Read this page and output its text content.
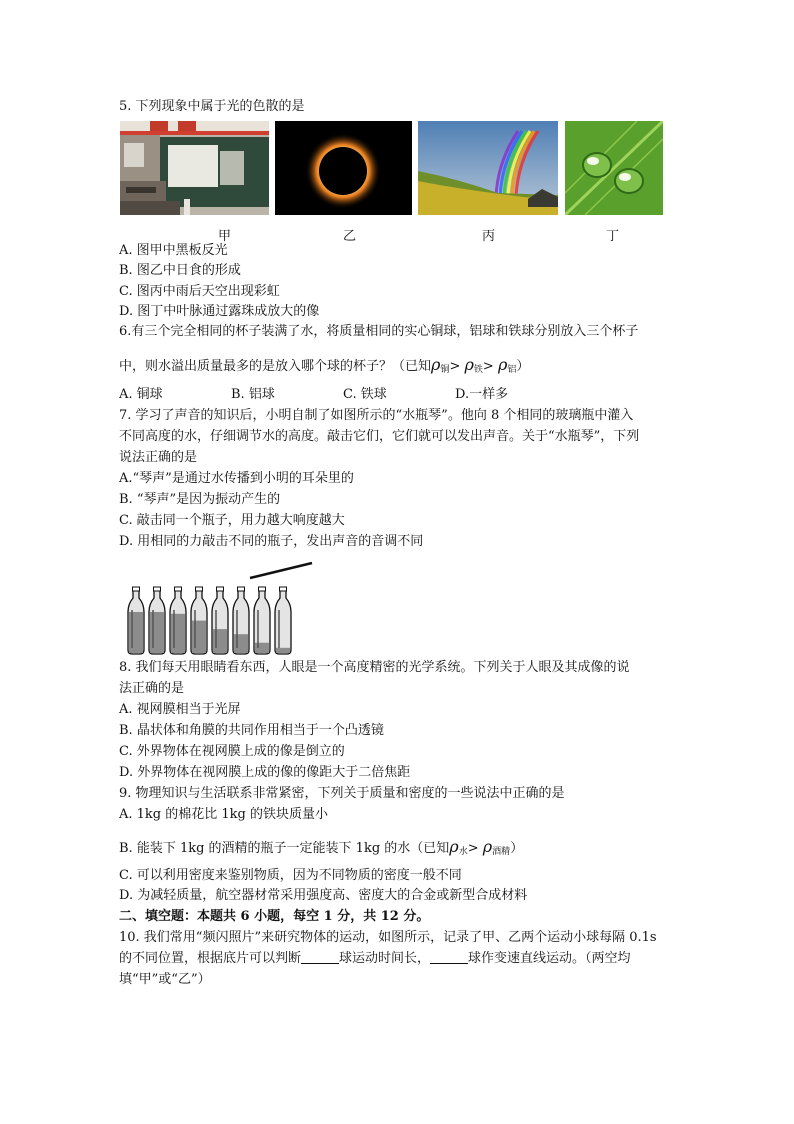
5. 下列现象中属于光的色散的是
甲	乙	丙	丁
A. 图甲中黑板反光
B. 图乙中日食的形成
C. 图丙中雨后天空出现彩虹
D. 图丁中叶脉通过露珠成放大的像
6.有三个完全相同的杯子装满了水，将质量相同的实心铜球，铝球和铁球分别放入三个杯子
中，则水溢出质量最多的是放入哪个球的杯子？（已知$\rho_铜> \rho_铁> \rho_铝$）
A. 铜球	B. 铝球	C. 铁球	D.一样多
7. 学习了声音的知识后，小明自制了如图所示的“水瓶琴”。他向 8 个相同的玻璃瓶中灌入
不同高度的水，仔细调节水的高度。敲击它们，它们就可以发出声音。关于“水瓶琴”，下列
说法正确的是
A.“琴声”是通过水传播到小明的耳朵里的
B. “琴声”是因为振动产生的
C. 敲击同一个瓶子，用力越大响度越大
D. 用相同的力敲击不同的瓶子，发出声音的音调不同
8. 我们每天用眼睛看东西，人眼是一个高度精密的光学系统。下列关于人眼及其成像的说
法正确的是
A. 视网膜相当于光屏
B. 晶状体和角膜的共同作用相当于一个凸透镜
C. 外界物体在视网膜上成的像是倒立的
D. 外界物体在视网膜上成的像的像距大于二倍焦距
9. 物理知识与生活联系非常紧密，下列关于质量和密度的一些说法中正确的是
A. 1kg 的棉花比 1kg 的铁块质量小
B. 能装下 1kg 的酒精的瓶子一定能装下 1kg 的水（已知$\rho_水> \rho_{酒精}$）
C. 可以利用密度来鉴别物质，因为不同物质的密度一般不同
D. 为减轻质量，航空器材常采用强度高、密度大的合金或新型合成材料
二、填空题：本题共 6 小题，每空 1 分，共 12 分。
10. 我们常用“频闪照片”来研究物体的运动，如图所示，记录了甲、乙两个运动小球每隔 0.1s
的不同位置，根据底片可以判断	球运动时间长，	球作变速直线运动。（两空均
填“甲”或“乙”）
